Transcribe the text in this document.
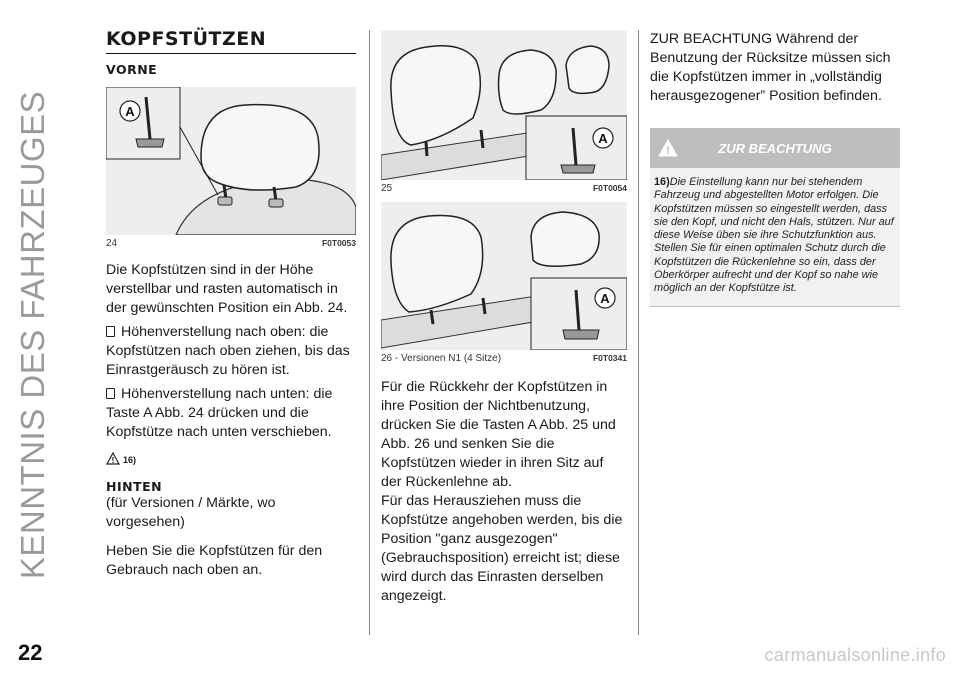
KENNTNIS DES FAHRZEUGES
22
KOPFSTÜTZEN
VORNE
A
24	F0T0053

Die Kopfstützen sind in der Höhe verstellbar und rasten automatisch in der gewünschten Position ein Abb. 24.

Höhenverstellung nach oben: die Kopfstützen nach oben ziehen, bis das Einrastgeräusch zu hören ist.

Höhenverstellung nach unten: die Taste A Abb. 24 drücken und die Kopfstütze nach unten verschieben.

! 16)
HINTEN

(für Versionen / Märkte, wo vorgesehen)

Heben Sie die Kopfstützen für den Gebrauch nach oben an.

A
25	F0T0054
A
26 - Versionen N1 (4 Sitze)	F0T0341

Für die Rückkehr der Kopfstützen in ihre Position der Nichtbenutzung, drücken Sie die Tasten A Abb. 25 und Abb. 26 und senken Sie die Kopfstützen wieder in ihren Sitz auf der Rückenlehne ab.

Für das Herausziehen muss die Kopfstütze angehoben werden, bis die Position "ganz ausgezogen" (Gebrauchsposition) erreicht ist; diese wird durch das Einrasten derselben angezeigt.

ZUR BEACHTUNG Während der Benutzung der Rücksitze müssen sich die Kopfstützen immer in „vollständig herausgezogener” Position befinden.

!	ZUR BEACHTUNG
16)Die Einstellung kann nur bei stehendem Fahrzeug und abgestellten Motor erfolgen. Die Kopfstützen müssen so eingestellt werden, dass sie den Kopf, und nicht den Hals, stützen. Nur auf diese Weise üben sie ihre Schutzfunktion aus. Stellen Sie für einen optimalen Schutz durch die Kopfstützen die Rückenlehne so ein, dass der Oberkörper aufrecht und der Kopf so nahe wie möglich an der Kopfstütze ist.
carmanualsonline.info
